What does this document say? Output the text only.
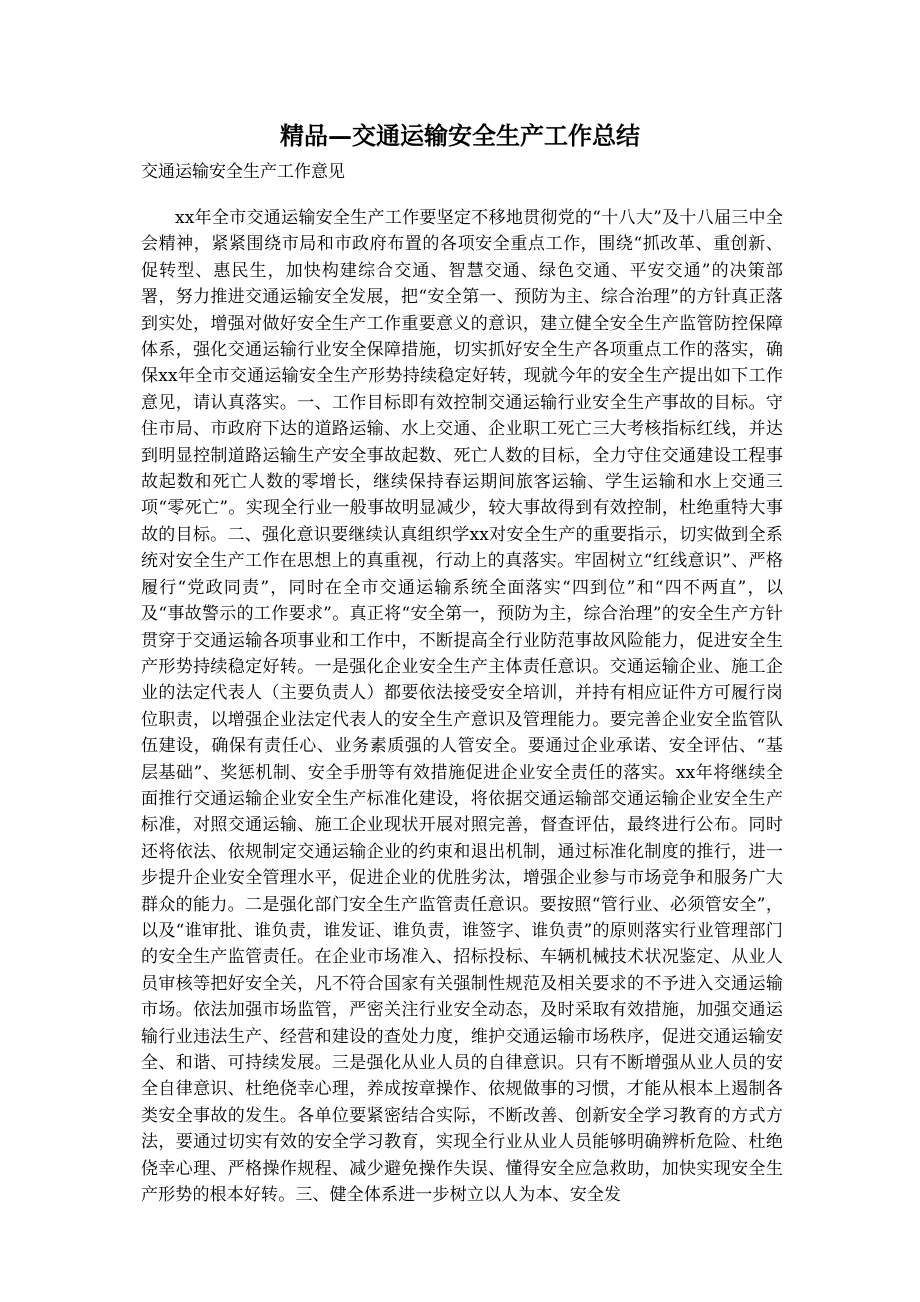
精品—交通运输安全生产工作总结

交通运输安全生产工作意见

xx年全市交通运输安全生产工作要坚定不移地贯彻党的“十八大”及十八届三中全会精神，紧紧围绕市局和市政府布置的各项安全重点工作，围绕“抓改革、重创新、促转型、惠民生，加快构建综合交通、智慧交通、绿色交通、平安交通”的决策部署，努力推进交通运输安全发展，把“安全第一、预防为主、综合治理”的方针真正落到实处，增强对做好安全生产工作重要意义的意识，建立健全安全生产监管防控保障体系，强化交通运输行业安全保障措施，切实抓好安全生产各项重点工作的落实，确保xx年全市交通运输安全生产形势持续稳定好转，现就今年的安全生产提出如下工作意见，请认真落实。一、工作目标即有效控制交通运输行业安全生产事故的目标。守住市局、市政府下达的道路运输、水上交通、企业职工死亡三大考核指标红线，并达到明显控制道路运输生产安全事故起数、死亡人数的目标，全力守住交通建设工程事故起数和死亡人数的零增长，继续保持春运期间旅客运输、学生运输和水上交通三项“零死亡”。实现全行业一般事故明显减少，较大事故得到有效控制，杜绝重特大事故的目标。二、强化意识要继续认真组织学xx对安全生产的重要指示，切实做到全系统对安全生产工作在思想上的真重视，行动上的真落实。牢固树立“红线意识”、严格履行“党政同责”，同时在全市交通运输系统全面落实“四到位”和“四不两直”，以及“事故警示的工作要求”。真正将“安全第一，预防为主，综合治理”的安全生产方针贯穿于交通运输各项事业和工作中，不断提高全行业防范事故风险能力，促进安全生产形势持续稳定好转。一是强化企业安全生产主体责任意识。交通运输企业、施工企业的法定代表人（主要负责人）都要依法接受安全培训，并持有相应证件方可履行岗位职责，以增强企业法定代表人的安全生产意识及管理能力。要完善企业安全监管队伍建设，确保有责任心、业务素质强的人管安全。要通过企业承诺、安全评估、“基层基础”、奖惩机制、安全手册等有效措施促进企业安全责任的落实。xx年将继续全面推行交通运输企业安全生产标准化建设，将依据交通运输部交通运输企业安全生产标准，对照交通运输、施工企业现状开展对照完善，督查评估，最终进行公布。同时还将依法、依规制定交通运输企业的约束和退出机制，通过标准化制度的推行，进一步提升企业安全管理水平，促进企业的优胜劣汰，增强企业参与市场竞争和服务广大群众的能力。二是强化部门安全生产监管责任意识。要按照“管行业、必须管安全”，以及“谁审批、谁负责，谁发证、谁负责，谁签字、谁负责”的原则落实行业管理部门的安全生产监管责任。在企业市场准入、招标投标、车辆机械技术状况鉴定、从业人员审核等把好安全关，凡不符合国家有关强制性规范及相关要求的不予进入交通运输市场。依法加强市场监管，严密关注行业安全动态，及时采取有效措施，加强交通运输行业违法生产、经营和建设的查处力度，维护交通运输市场秩序，促进交通运输安全、和谐、可持续发展。三是强化从业人员的自律意识。只有不断增强从业人员的安全自律意识、杜绝侥幸心理，养成按章操作、依规做事的习惯，才能从根本上遏制各类安全事故的发生。各单位要紧密结合实际，不断改善、创新安全学习教育的方式方法，要通过切实有效的安全学习教育，实现全行业从业人员能够明确辨析危险、杜绝侥幸心理、严格操作规程、减少避免操作失误、懂得安全应急救助，加快实现安全生产形势的根本好转。三、健全体系进一步树立以人为本、安全发
